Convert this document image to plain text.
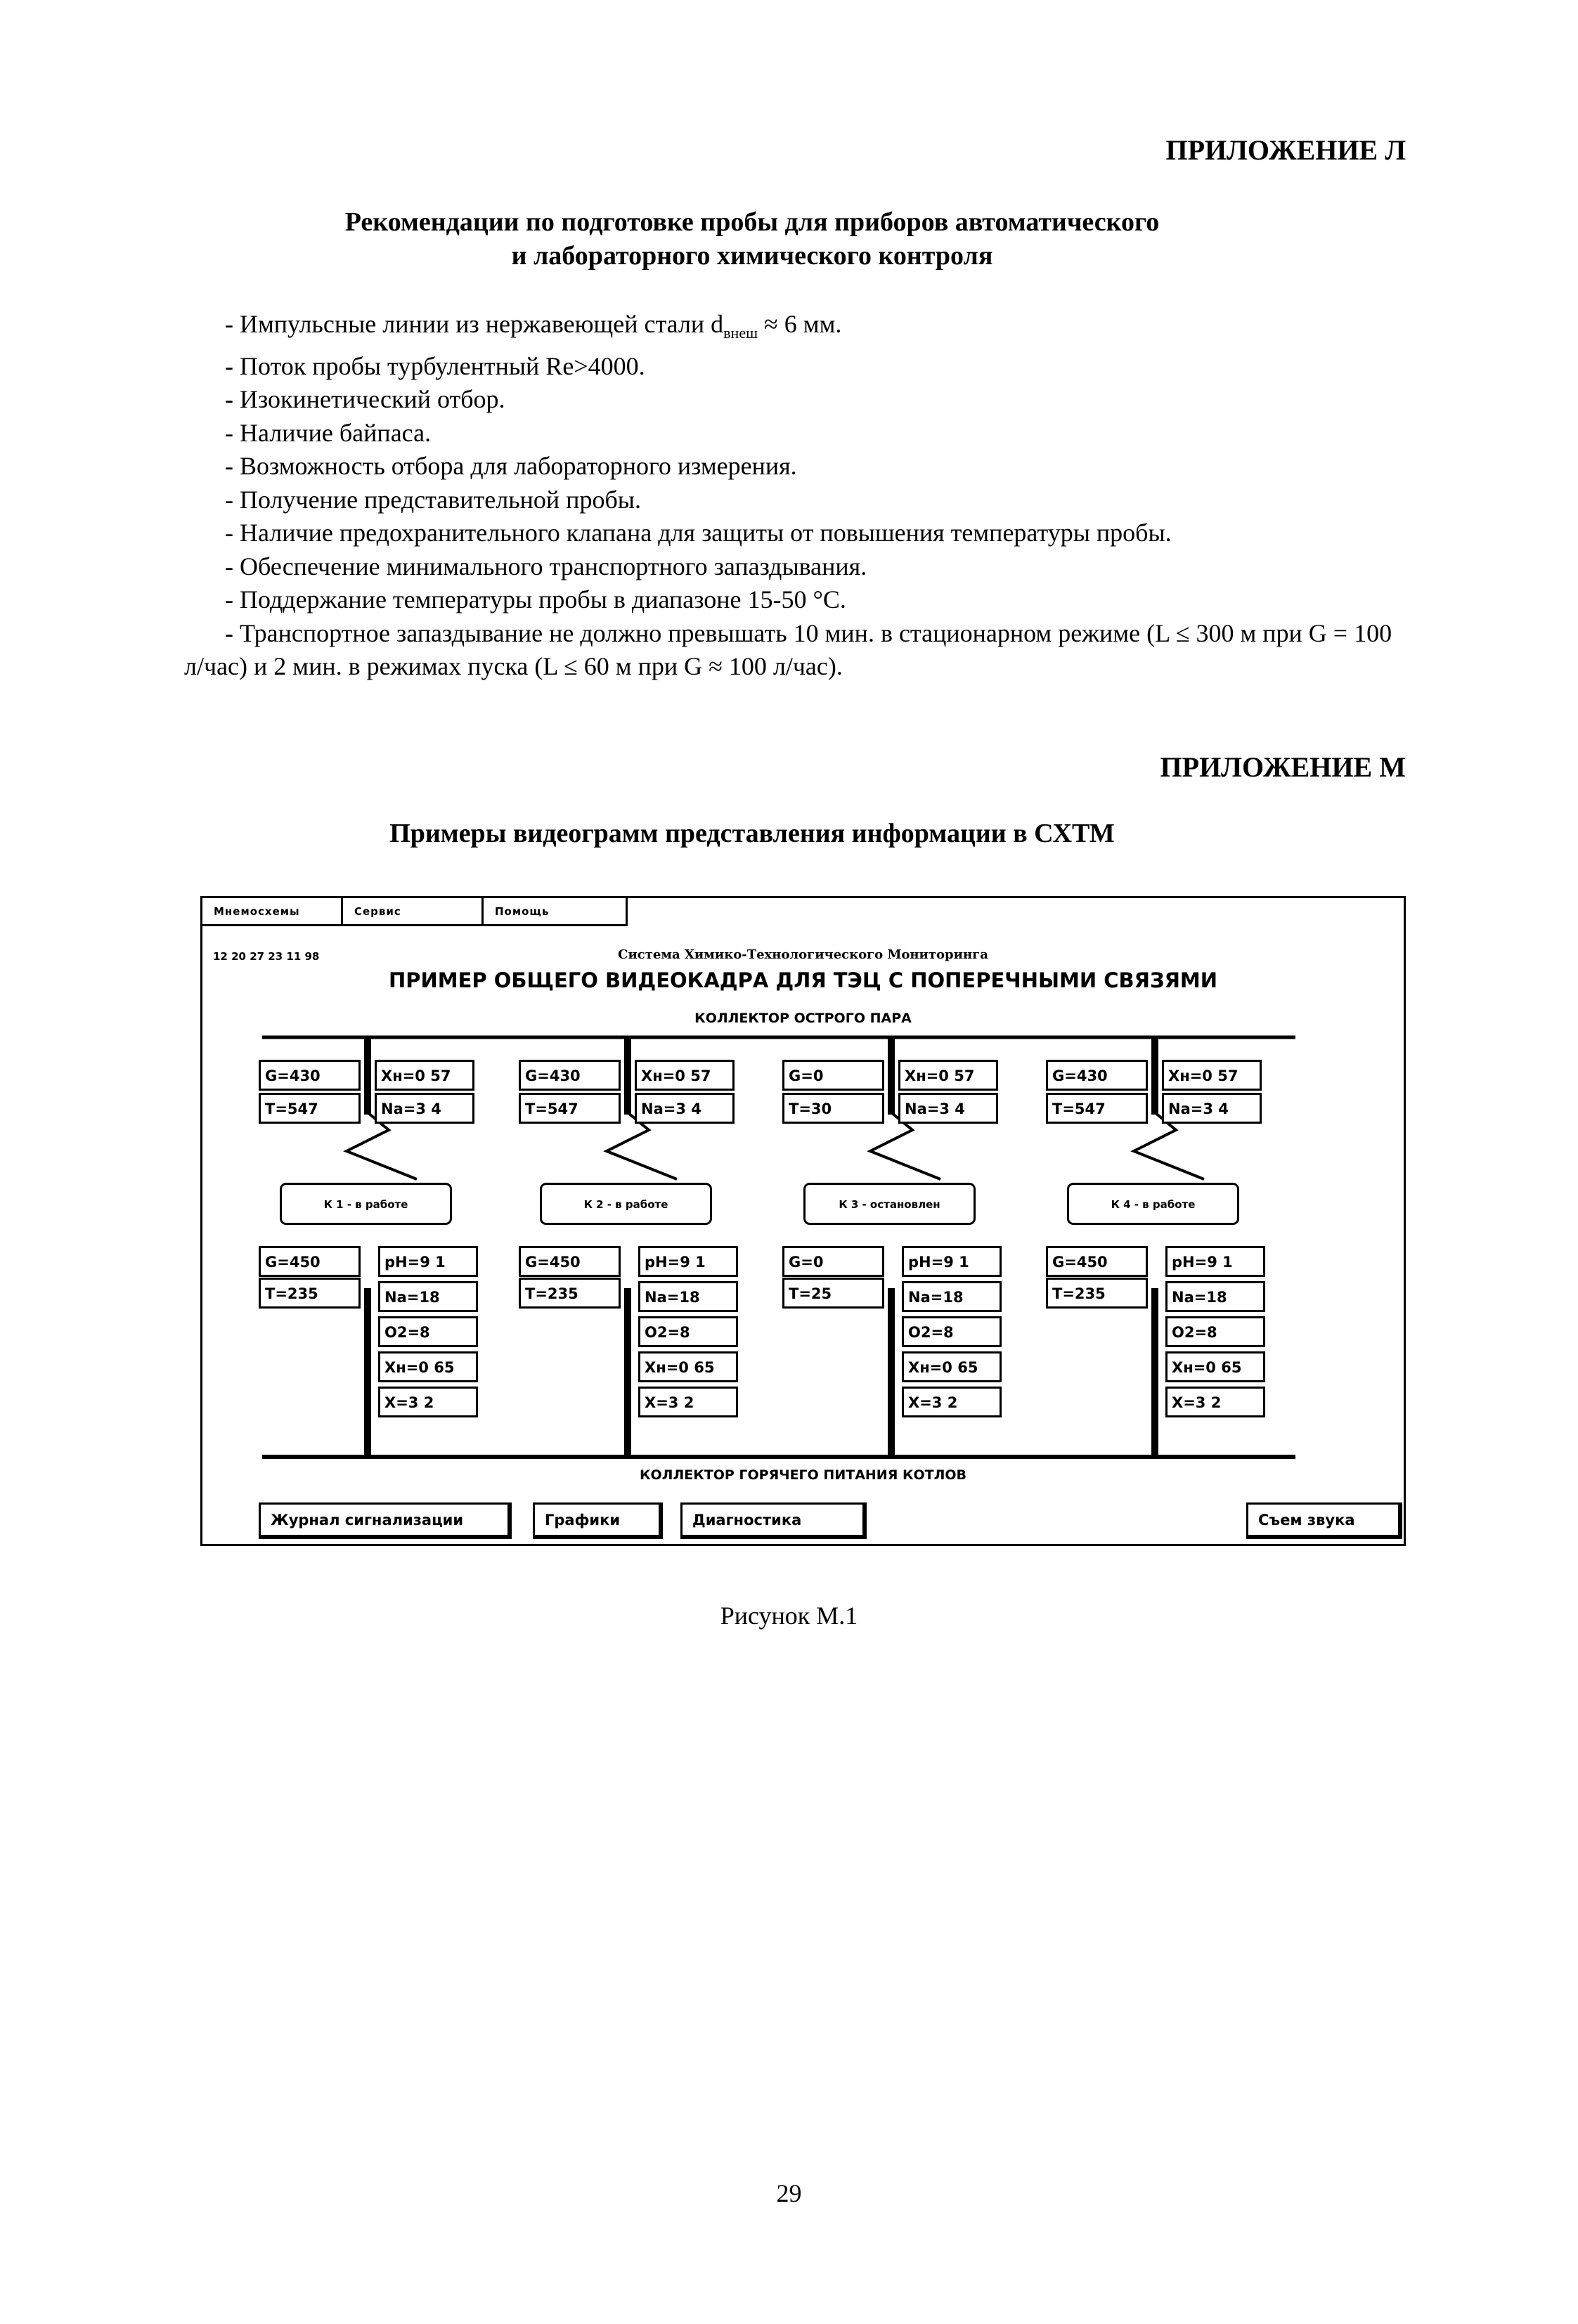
ПРИЛОЖЕНИЕ Л
Рекомендации по подготовке пробы для приборов автоматического
и лабораторного химического контроля
- Импульсные линии из нержавеющей стали $d_{внеш} \approx 6$ мм.
- Поток пробы турбулентный Re>4000.
- Изокинетический отбор.
- Наличие байпаса.
- Возможность отбора для лабораторного измерения.
- Получение представительной пробы.
- Наличие предохранительного клапана для защиты от повышения температуры пробы.
- Обеспечение минимального транспортного запаздывания.
- Поддержание температуры пробы в диапазоне 15-50 °С.
- Транспортное запаздывание не должно превышать 10 мин. в стационарном режиме (L ≤ 300 м при G = 100 л/час) и 2 мин. в режимах пуска (L ≤ 60 м при G ≈ 100 л/час).
ПРИЛОЖЕНИЕ М
Примеры видеограмм представления информации в СХТМ
Мнемосхемы	Сервис	Помощь
12 20 27 23 11 98	Система Химико-Технологического Мониторинга
ПРИМЕР ОБЩЕГО ВИДЕОКАДРА ДЛЯ ТЭЦ С ПОПЕРЕЧНЫМИ СВЯЗЯМИ
КОЛЛЕКТОР ОСТРОГО ПАРА
G=430
T=547
Xн=0 57
Na=3 4
К 1 - в работе
G=450
T=235
pH=9 1
Na=18
O2=8
Xн=0 65
X=3 2
G=430
T=547
Xн=0 57
Na=3 4
К 2 - в работе
G=450
T=235
pH=9 1
Na=18
O2=8
Xн=0 65
X=3 2
G=0
T=30
Xн=0 57
Na=3 4
К 3 - остановлен
G=0
T=25
pH=9 1
Na=18
O2=8
Xн=0 65
X=3 2
G=430
T=547
Xн=0 57
Na=3 4
К 4 - в работе
G=450
T=235
pH=9 1
Na=18
O2=8
Xн=0 65
X=3 2
КОЛЛЕКТОР ГОРЯЧЕГО ПИТАНИЯ КОТЛОВ
Журнал сигнализации	Графики	Диагностика	Съем звука
Рисунок М.1
29
